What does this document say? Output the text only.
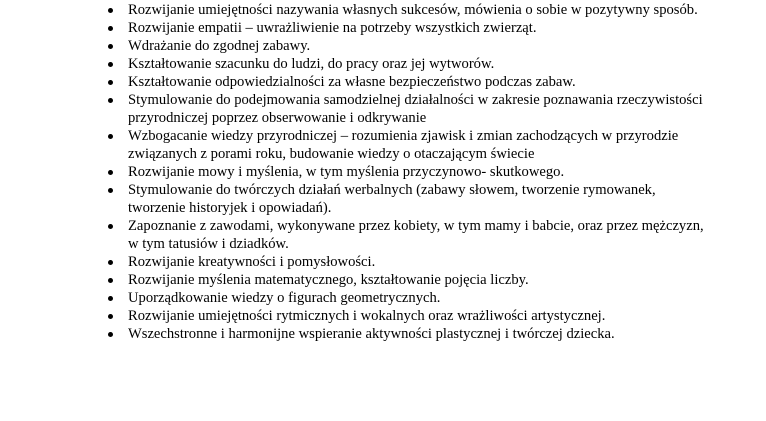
Rozwijanie umiejętności nazywania własnych sukcesów, mówienia o sobie w pozytywny sposób.
Rozwijanie empatii – uwrażliwienie na potrzeby wszystkich zwierząt.
Wdrażanie do zgodnej zabawy.
Kształtowanie szacunku do ludzi, do pracy oraz jej wytworów.
Kształtowanie odpowiedzialności za własne bezpieczeństwo podczas zabaw.
Stymulowanie do podejmowania samodzielnej działalności w zakresie poznawania rzeczywistości przyrodniczej poprzez obserwowanie i odkrywanie
Wzbogacanie wiedzy przyrodniczej – rozumienia zjawisk i zmian zachodzących w przyrodzie związanych z porami roku, budowanie wiedzy o otaczającym świecie
Rozwijanie mowy i myślenia, w tym myślenia przyczynowo- skutkowego.
Stymulowanie do twórczych działań werbalnych (zabawy słowem, tworzenie rymowanek, tworzenie historyjek i opowiadań).
Zapoznanie z zawodami, wykonywane przez kobiety, w tym mamy i babcie, oraz przez mężczyzn, w tym tatusiów i dziadków.
Rozwijanie kreatywności i pomysłowości.
Rozwijanie myślenia matematycznego, kształtowanie pojęcia liczby.
Uporządkowanie wiedzy o figurach geometrycznych.
Rozwijanie umiejętności rytmicznych i wokalnych oraz wrażliwości artystycznej.
Wszechstronne i harmonijne wspieranie aktywności plastycznej i twórczej dziecka.
